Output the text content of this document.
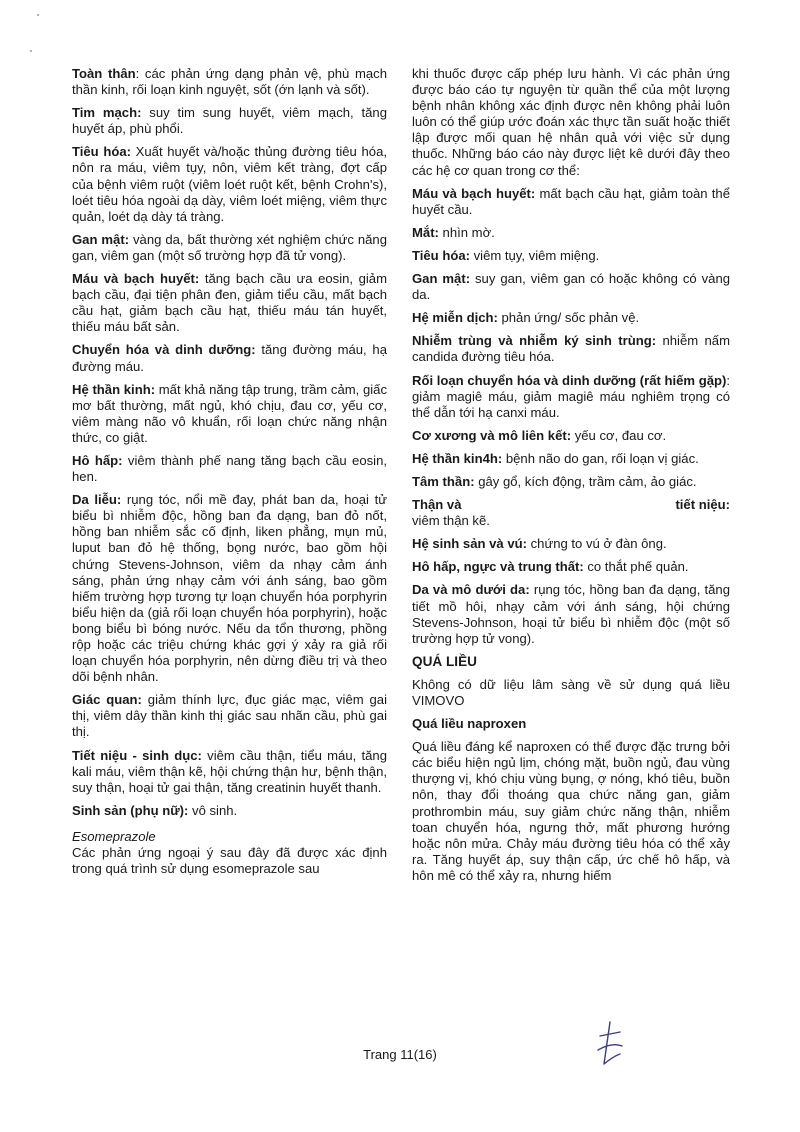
Toàn thân: các phản ứng dạng phản vệ, phù mạch thần kinh, rối loạn kinh nguyệt, sốt (ớn lạnh và sốt).

Tim mạch: suy tim sung huyết, viêm mạch, tăng huyết áp, phù phổi.

Tiêu hóa: Xuất huyết và/hoặc thủng đường tiêu hóa, nôn ra máu, viêm tụy, nôn, viêm kết tràng, đợt cấp của bệnh viêm ruột (viêm loét ruột kết, bệnh Crohn's), loét tiêu hóa ngoài dạ dày, viêm loét miệng, viêm thực quản, loét dạ dày tá tràng.

Gan mật: vàng da, bất thường xét nghiệm chức năng gan, viêm gan (một số trường hợp đã tử vong).

Máu và bạch huyết: tăng bạch cầu ưa eosin, giảm bạch cầu, đại tiện phân đen, giảm tiểu cầu, mất bạch cầu hạt, giảm bạch cầu hạt, thiếu máu tán huyết, thiếu máu bất sản.

Chuyển hóa và dinh dưỡng: tăng đường máu, hạ đường máu.

Hệ thần kinh: mất khả năng tập trung, trầm cảm, giấc mơ bất thường, mất ngủ, khó chịu, đau cơ, yếu cơ, viêm màng não vô khuẩn, rối loạn chức năng nhận thức, co giật.

Hô hấp: viêm thành phế nang tăng bạch cầu eosin, hen.

Da liễu: rụng tóc, nổi mề đay, phát ban da, hoại tử biểu bì nhiễm độc, hồng ban đa dạng, ban đỏ nốt, hồng ban nhiễm sắc cố định, liken phẳng, mụn mủ, luput ban đỏ hệ thống, bọng nước, bao gồm hội chứng Stevens-Johnson, viêm da nhạy cảm ánh sáng, phản ứng nhạy cảm với ánh sáng, bao gồm hiếm trường hợp tương tự loạn chuyển hóa porphyrin biểu hiện da (giả rối loạn chuyển hóa porphyrin), hoặc bong biểu bì bóng nước. Nếu da tổn thương, phồng rộp hoặc các triệu chứng khác gợi ý xảy ra giả rối loạn chuyển hóa porphyrin, nên dừng điều trị và theo dõi bệnh nhân.

Giác quan: giảm thính lực, đục giác mạc, viêm gai thị, viêm dây thần kinh thị giác sau nhãn cầu, phù gai thị.

Tiết niệu - sinh dục: viêm cầu thận, tiểu máu, tăng kali máu, viêm thận kẽ, hội chứng thận hư, bệnh thận, suy thận, hoại tử gai thận, tăng creatinin huyết thanh.

Sinh sản (phụ nữ): vô sinh.

Esomeprazole

Các phản ứng ngoại ý sau đây đã được xác định trong quá trình sử dụng esomeprazole sau

khi thuốc được cấp phép lưu hành. Vì các phản ứng được báo cáo tự nguyện từ quần thể của một lượng bệnh nhân không xác định được nên không phải luôn luôn có thể giúp ước đoán xác thực tần suất hoặc thiết lập được mối quan hệ nhân quả với việc sử dụng thuốc. Những báo cáo này được liệt kê dưới đây theo các hệ cơ quan trong cơ thể:

Máu và bạch huyết: mất bạch cầu hạt, giảm toàn thể huyết cầu.

Mắt: nhìn mờ.

Tiêu hóa: viêm tụy, viêm miệng.

Gan mật: suy gan, viêm gan có hoặc không có vàng da.

Hệ miễn dịch: phản ứng/ sốc phản vệ.

Nhiễm trùng và nhiễm ký sinh trùng: nhiễm nấm candida đường tiêu hóa.

Rối loạn chuyển hóa và dinh dưỡng (rất hiếm gặp): giảm magiê máu, giảm magiê máu nghiêm trọng có thể dẫn tới hạ canxi máu.

Cơ xương và mô liên kết: yếu cơ, đau cơ.

Hệ thần kin4h: bệnh não do gan, rối loạn vị giác.

Tâm thần: gây gổ, kích động, trầm cảm, ảo giác.

Thận và	tiết niệu:

viêm thận kẽ.

Hệ sinh sản và vú: chứng to vú ở đàn ông.

Hô hấp, ngực và trung thất: co thắt phế quản.

Da và mô dưới da: rụng tóc, hồng ban đa dạng, tăng tiết mồ hôi, nhạy cảm với ánh sáng, hội chứng Stevens-Johnson, hoại tử biểu bì nhiễm độc (một số trường hợp tử vong).

QUÁ LIỀU

Không có dữ liệu lâm sàng về sử dụng quá liều VIMOVO

Quá liều naproxen

Quá liều đáng kể naproxen có thể được đặc trưng bởi các biểu hiện ngủ lịm, chóng mặt, buồn ngủ, đau vùng thượng vị, khó chịu vùng bụng, ợ nóng, khó tiêu, buồn nôn, thay đổi thoáng qua chức năng gan, giảm prothrombin máu, suy giảm chức năng thận, nhiễm toan chuyển hóa, ngưng thở, mất phương hướng hoặc nôn mửa. Chảy máu đường tiêu hóa có thể xảy ra. Tăng huyết áp, suy thận cấp, ức chế hô hấp, và hôn mê có thể xảy ra, nhưng hiếm

Trang 11(16)
